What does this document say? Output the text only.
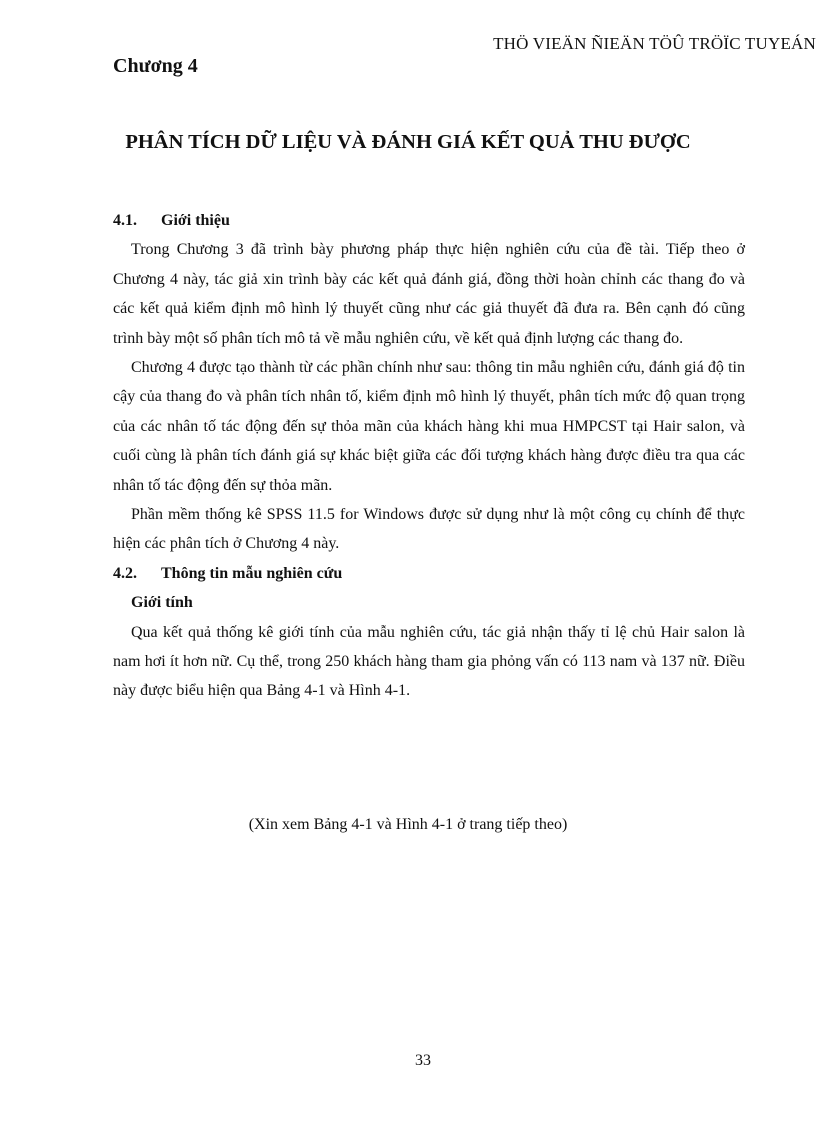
THÖ VIEÄN ÑIEÄN TÖÛ TRÖÏC TUYEÁN
Chương 4
PHÂN TÍCH DỮ LIỆU VÀ ĐÁNH GIÁ KẾT QUẢ THU ĐƯỢC
4.1. Giới thiệu

Trong Chương 3 đã trình bày phương pháp thực hiện nghiên cứu của đề tài. Tiếp theo ở Chương 4 này, tác giả xin trình bày các kết quả đánh giá, đồng thời hoàn chỉnh các thang đo và các kết quả kiểm định mô hình lý thuyết cũng như các giả thuyết đã đưa ra. Bên cạnh đó cũng trình bày một số phân tích mô tả về mẫu nghiên cứu, về kết quả định lượng các thang đo.

Chương 4 được tạo thành từ các phần chính như sau: thông tin mẫu nghiên cứu, đánh giá độ tin cậy của thang đo và phân tích nhân tố, kiểm định mô hình lý thuyết, phân tích mức độ quan trọng của các nhân tố tác động đến sự thỏa mãn của khách hàng khi mua HMPCST tại Hair salon, và cuối cùng là phân tích đánh giá sự khác biệt giữa các đối tượng khách hàng được điều tra qua các nhân tố tác động đến sự thỏa mãn.

Phần mềm thống kê SPSS 11.5 for Windows được sử dụng như là một công cụ chính để thực hiện các phân tích ở Chương 4 này.

4.2. Thông tin mẫu nghiên cứu
Giới tính

Qua kết quả thống kê giới tính của mẫu nghiên cứu, tác giả nhận thấy tỉ lệ chủ Hair salon là nam hơi ít hơn nữ. Cụ thể, trong 250 khách hàng tham gia phỏng vấn có 113 nam và 137 nữ. Điều này được biểu hiện qua Bảng 4-1 và Hình 4-1.

(Xin xem Bảng 4-1 và Hình 4-1 ở trang tiếp theo)
33
